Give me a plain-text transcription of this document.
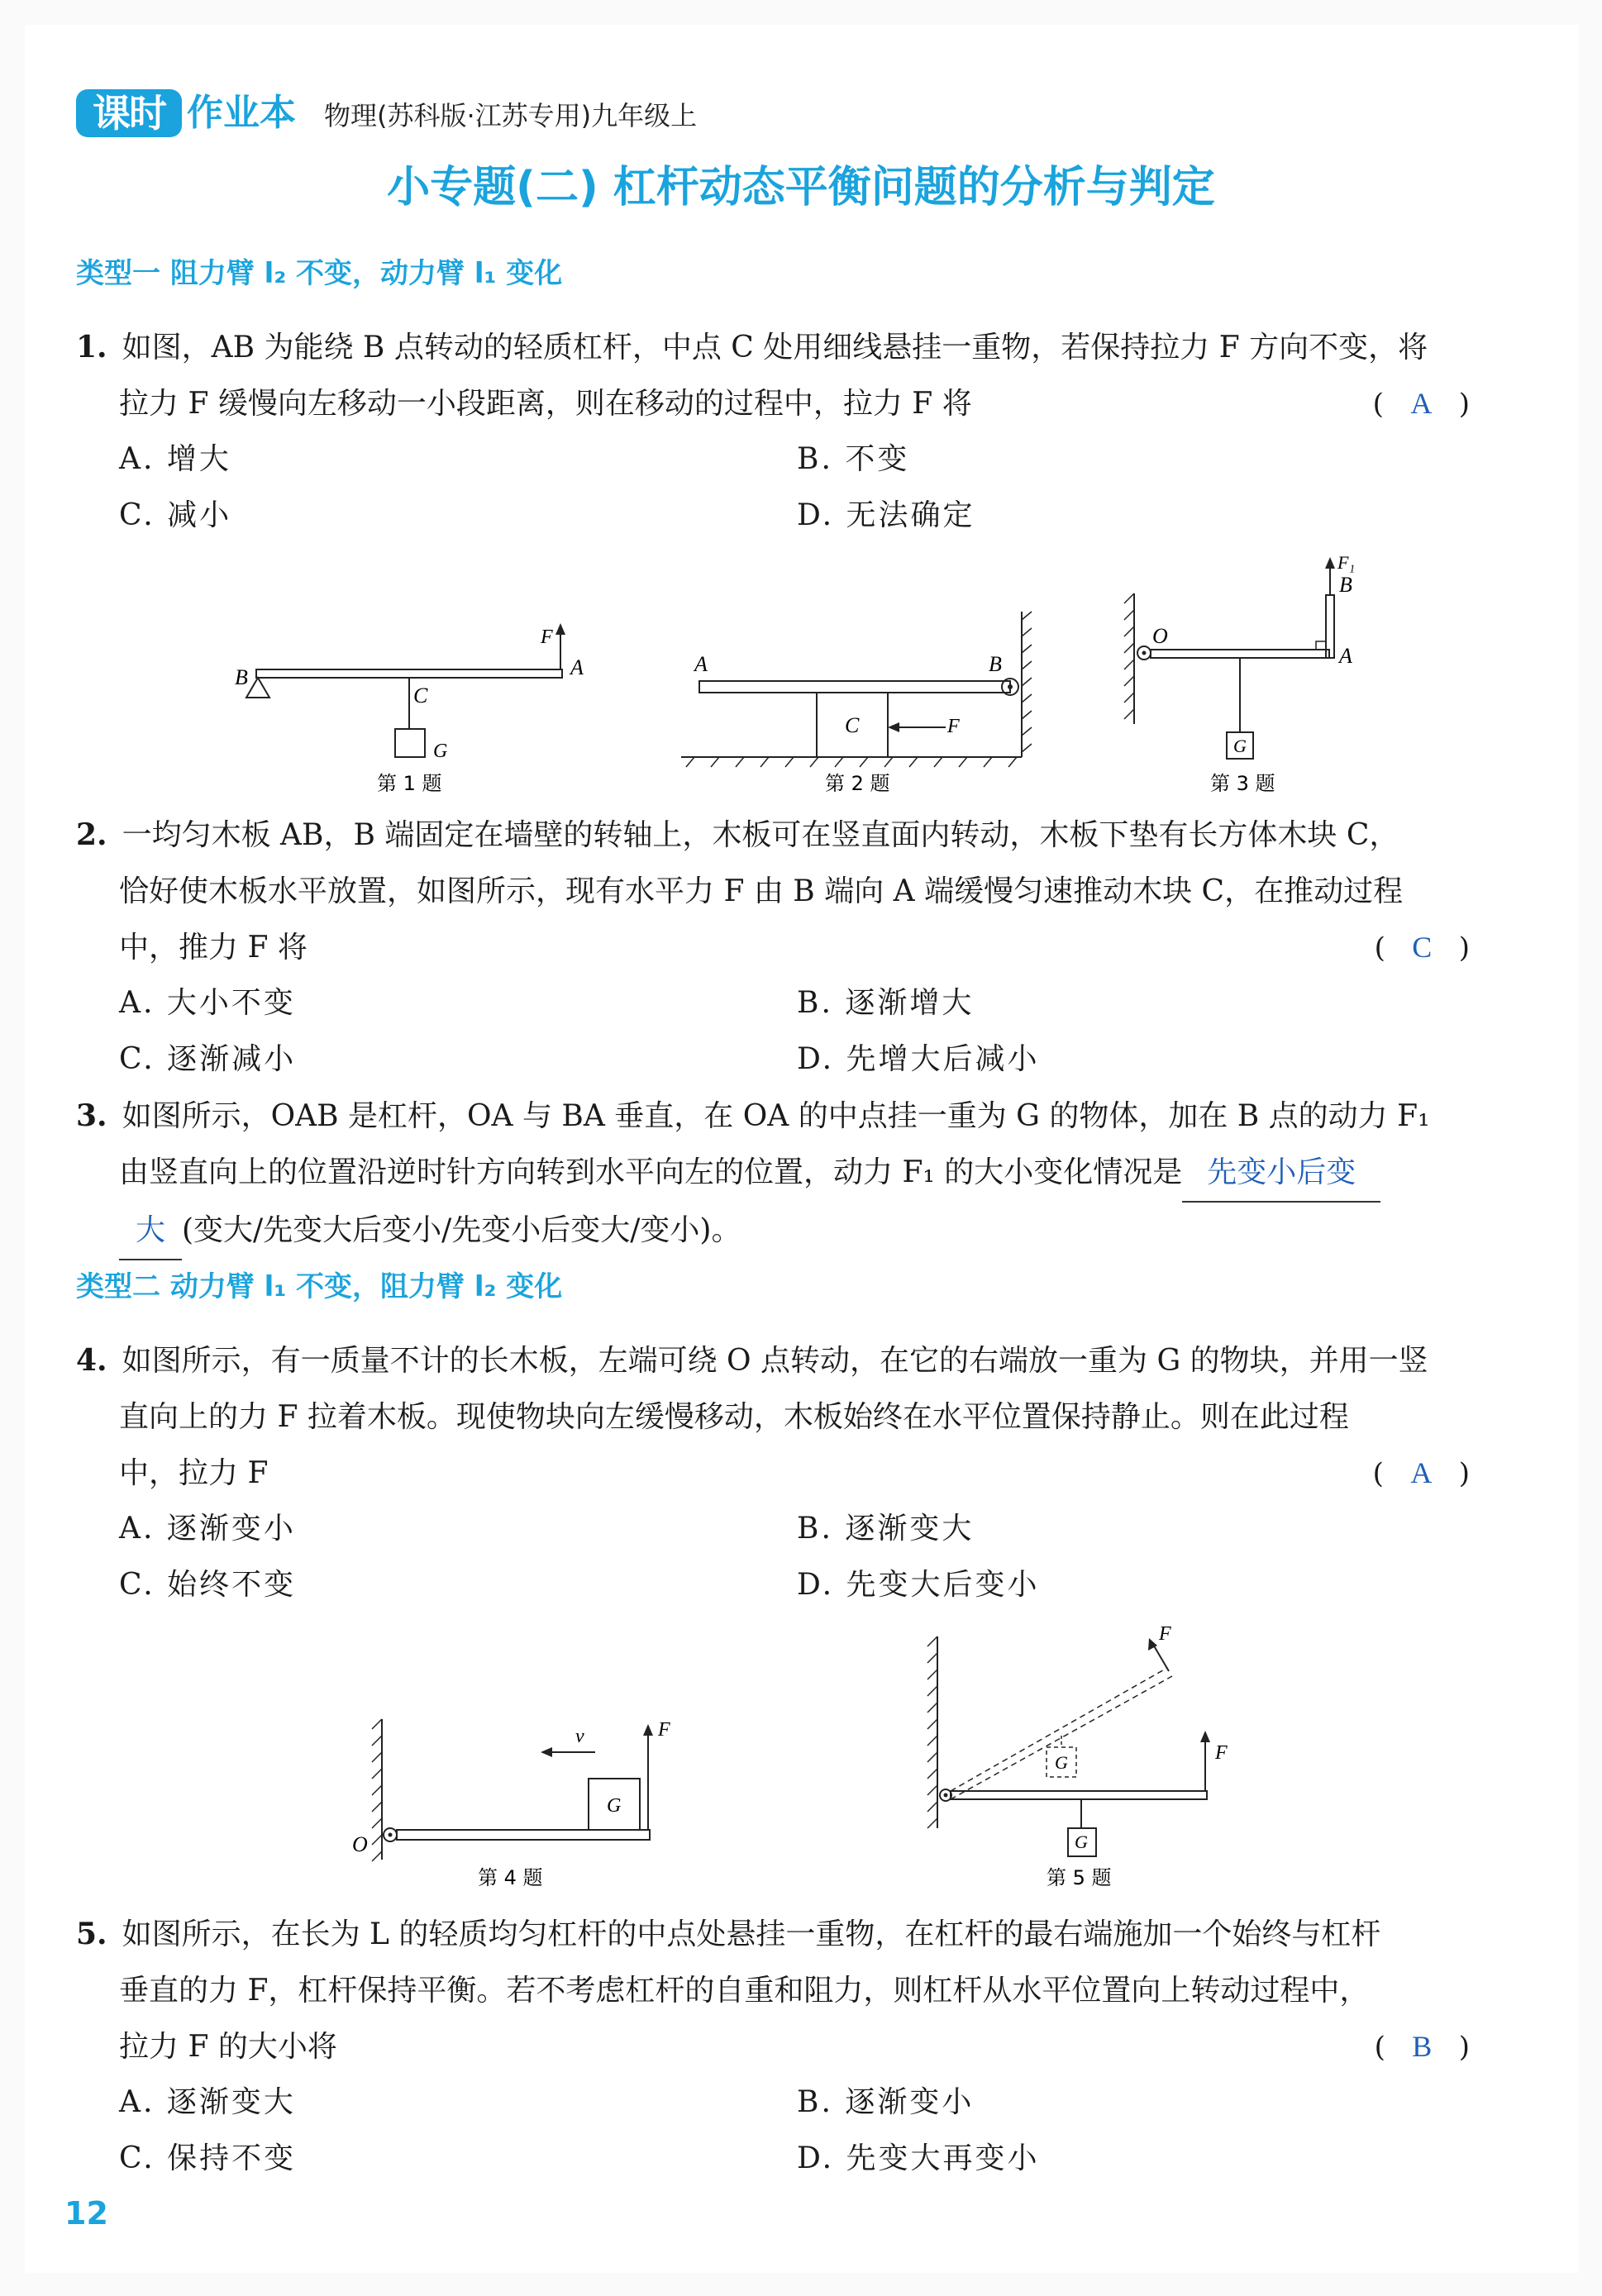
课时 作业本 物理(苏科版·江苏专用)九年级上
小专题(二) 杠杆动态平衡问题的分析与判定
类型一 阻力臂 l₂ 不变，动力臂 l₁ 变化
1. 如图，AB 为能绕 B 点转动的轻质杠杆，中点 C 处用细线悬挂一重物，若保持拉力 F 方向不变，将
拉力 F 缓慢向左移动一小段距离，则在移动的过程中，拉力 F 将	(   A   )
A. 增大	B. 不变
C. 减小	D. 无法确定
B
C
A
F
G
第 1 题
A	B
C	F
第 2 题
O
B
A
F₁
G
第 3 题
2. 一均匀木板 AB，B 端固定在墙壁的转轴上，木板可在竖直面内转动，木板下垫有长方体木块 C，
恰好使木板水平放置，如图所示，现有水平力 F 由 B 端向 A 端缓慢匀速推动木块 C，在推动过程
中，推力 F 将	(   C   )
A. 大小不变	B. 逐渐增大
C. 逐渐减小	D. 先增大后减小
3. 如图所示，OAB 是杠杆，OA 与 BA 垂直，在 OA 的中点挂一重为 G 的物体，加在 B 点的动力 F₁
由竖直向上的位置沿逆时针方向转到水平向左的位置，动力 F₁ 的大小变化情况是 先变小后变
大 (变大/先变大后变小/先变小后变大/变小)。
类型二 动力臂 l₁ 不变，阻力臂 l₂ 变化
4. 如图所示，有一质量不计的长木板，左端可绕 O 点转动，在它的右端放一重为 G 的物块，并用一竖
直向上的力 F 拉着木板。现使物块向左缓慢移动，木板始终在水平位置保持静止。则在此过程
中，拉力 F	(   A   )
A. 逐渐变小	B. 逐渐变大
C. 始终不变	D. 先变大后变小
O
v	F
G
第 4 题
F
F
G
G
第 5 题
5. 如图所示，在长为 L 的轻质均匀杠杆的中点处悬挂一重物，在杠杆的最右端施加一个始终与杠杆
垂直的力 F，杠杆保持平衡。若不考虑杠杆的自重和阻力，则杠杆从水平位置向上转动过程中，
拉力 F 的大小将	(   B   )
A. 逐渐变大	B. 逐渐变小
C. 保持不变	D. 先变大再变小
12
